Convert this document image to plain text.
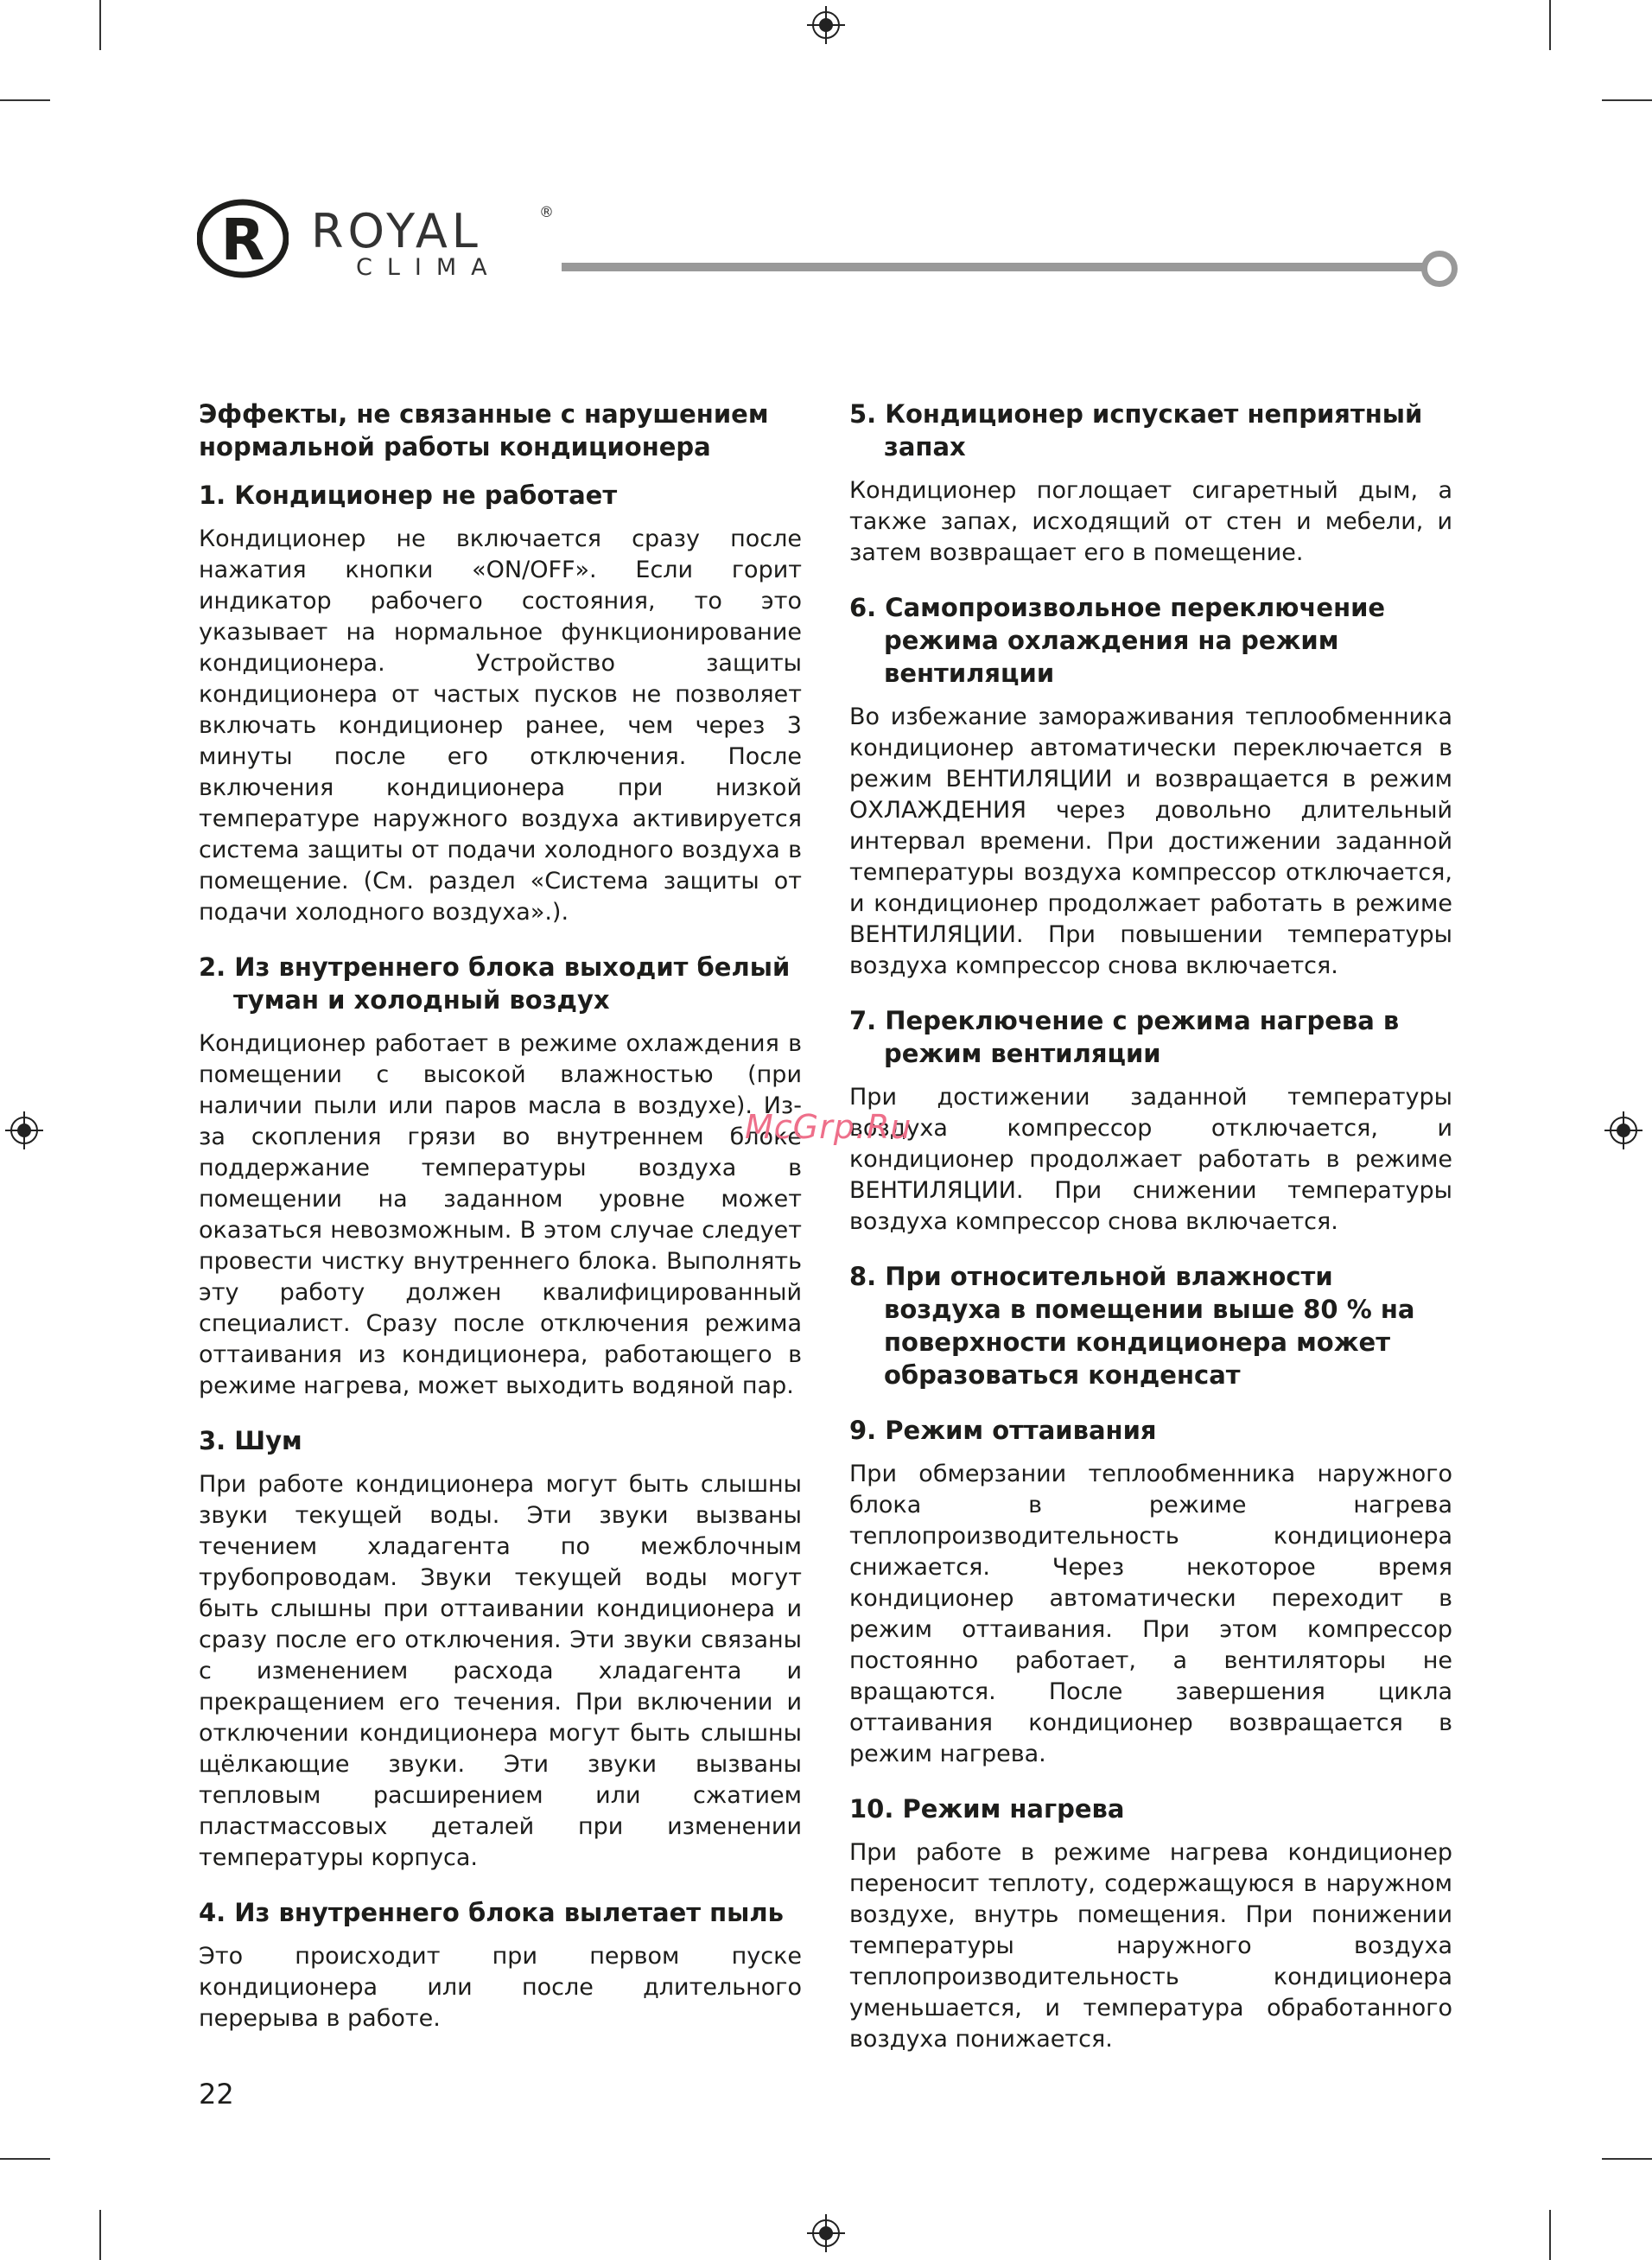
R ROYAL	®
CLIMA
Эффекты, не связанные с нарушением нормальной работы кондиционера
1. Кондиционер не работает
Кондиционер не включается сразу после нажатия кнопки «ON/OFF». Если горит индикатор рабочего состояния, то это указывает на нормальное функционирование кондиционера. Устройство защиты кондиционера от частых пусков не позволяет включать кондиционер ранее, чем через 3 минуты после его отключения. После включения кондиционера при низкой температуре наружного воздуха активируется система защиты от подачи холодного воздуха в помещение. (См. раздел «Система защиты от подачи холодного воздуха».).
2. Из внутреннего блока выходит белый туман и холодный воздух
Кондиционер работает в режиме охлаждения в помещении с высокой влажностью (при наличии пыли или паров масла в воздухе). Из-за скопления грязи во внутреннем блоке поддержание температуры воздуха в помещении на заданном уровне может оказаться невозможным. В этом случае следует провести чистку внутреннего блока. Выполнять эту работу должен квалифицированный специалист. Сразу после отключения режима оттаивания из кондиционера, работающего в режиме нагрева, может выходить водяной пар.
3. Шум
При работе кондиционера могут быть слышны звуки текущей воды. Эти звуки вызваны течением хладагента по межблочным трубопроводам. Звуки текущей воды могут быть слышны при оттаивании кондиционера и сразу после его отключения. Эти звуки связаны с изменением расхода хладагента и прекращением его течения. При включении и отключении кондиционера могут быть слышны щёлкающие звуки. Эти звуки вызваны тепловым расширением или сжатием пластмассовых деталей при изменении температуры корпуса.
4. Из внутреннего блока вылетает пыль
Это происходит при первом пуске кондиционера или после длительного перерыва в работе.
5. Кондиционер испускает неприятный запах
Кондиционер поглощает сигаретный дым, а также запах, исходящий от стен и мебели, и затем возвращает его в помещение.
6. Самопроизвольное переключение режима охлаждения на режим вентиляции
Во избежание замораживания теплообменника кондиционер автоматически переключается в режим ВЕНТИЛЯЦИИ и возвращается в режим ОХЛАЖДЕНИЯ через довольно длительный интервал времени. При достижении заданной температуры воздуха компрессор отключается, и кондиционер продолжает работать в режиме ВЕНТИЛЯЦИИ. При повышении температуры воздуха компрессор снова включается.
7. Переключение с режима нагрева в режим вентиляции
При достижении заданной температуры воздуха компрессор отключается, и кондиционер продолжает работать в режиме ВЕНТИЛЯЦИИ. При снижении температуры воздуха компрессор снова включается.
8. При относительной влажности воздуха в помещении выше 80 % на поверхности кондиционера может образоваться конденсат
9. Режим оттаивания
При обмерзании теплообменника наружного блока в режиме нагрева теплопроизводительность кондиционера снижается. Через некоторое время кондиционер автоматически переходит в режим оттаивания. При этом компрессор постоянно работает, а вентиляторы не вращаются. После завершения цикла оттаивания кондиционер возвращается в режим нагрева.
10. Режим нагрева
При работе в режиме нагрева кондиционер переносит теплоту, содержащуюся в наружном воздухе, внутрь помещения. При понижении температуры наружного воздуха теплопроизводительность кондиционера уменьшается, и температура обработанного воздуха понижается.
McGrp.Ru
22
